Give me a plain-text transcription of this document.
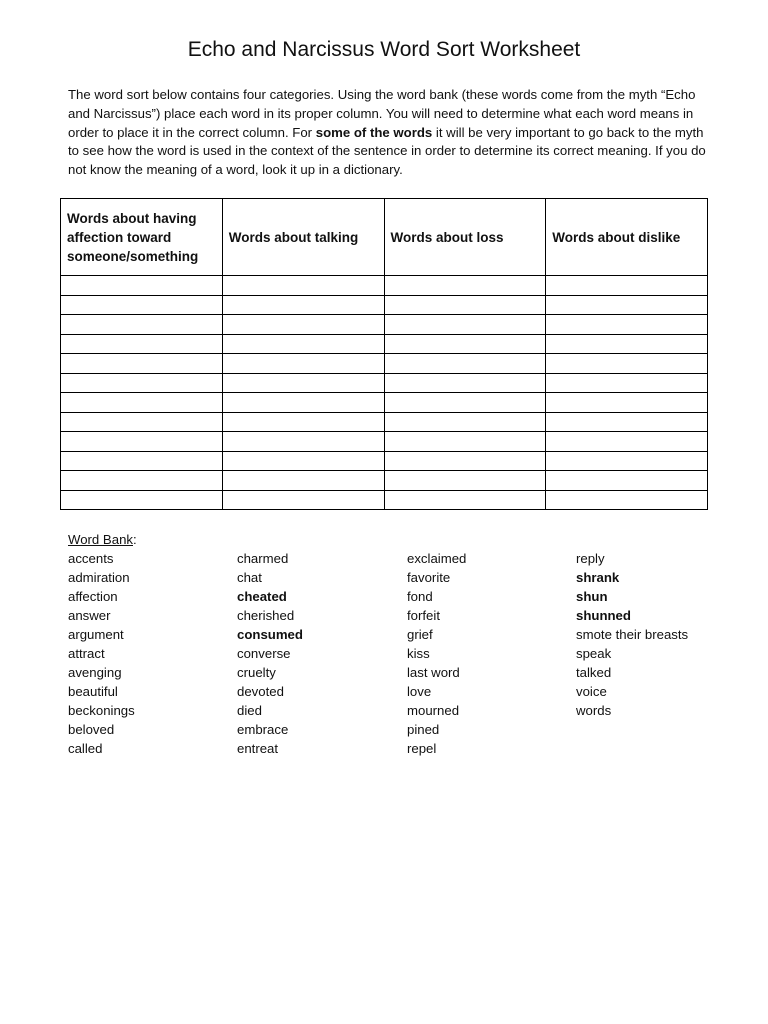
Echo and Narcissus Word Sort Worksheet

The word sort below contains four categories. Using the word bank (these words come from the myth “Echo and Narcissus”) place each word in its proper column. You will need to determine what each word means in order to place it in the correct column. For some of the words it will be very important to go back to the myth to see how the word is used in the context of the sentence in order to determine its correct meaning. If you do not know the meaning of a word, look it up in a dictionary.

Words about having affection toward someone/something	Words about talking	Words about loss	Words about dislike

Word Bank:
accents
admiration
affection
answer
argument
attract
avenging
beautiful
beckonings
beloved
called
charmed
chat
cheated
cherished
consumed
converse
cruelty
devoted
died
embrace
entreat
exclaimed
favorite
fond
forfeit
grief
kiss
last word
love
mourned
pined
repel
reply
shrank
shun
shunned
smote their breasts
speak
talked
voice
words
